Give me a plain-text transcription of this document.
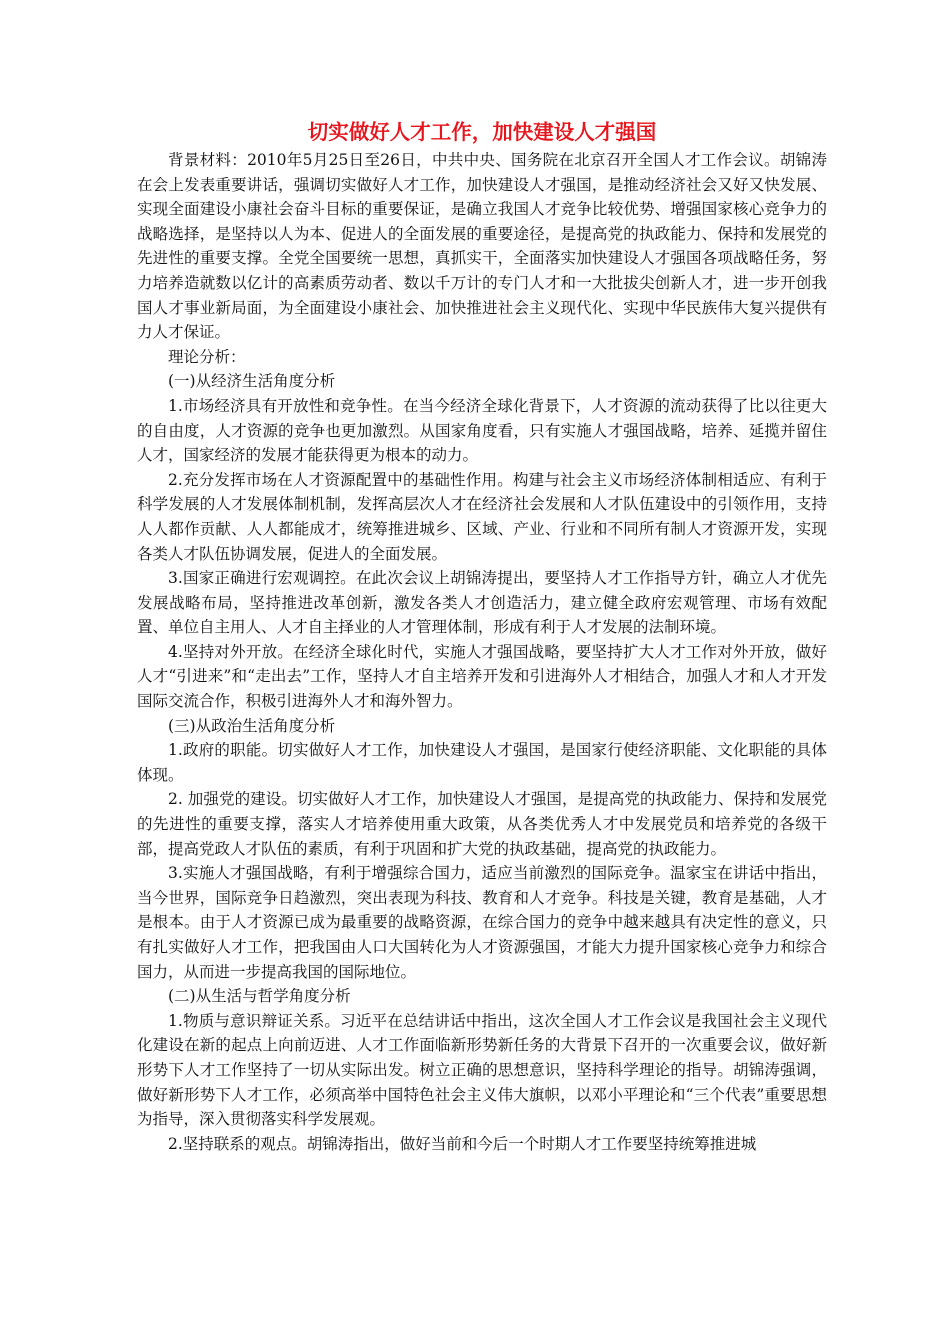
切实做好人才工作，加快建设人才强国

背景材料：2010年5月25日至26日，中共中央、国务院在北京召开全国人才工作会议。胡锦涛在会上发表重要讲话，强调切实做好人才工作，加快建设人才强国，是推动经济社会又好又快发展、实现全面建设小康社会奋斗目标的重要保证，是确立我国人才竞争比较优势、增强国家核心竞争力的战略选择，是坚持以人为本、促进人的全面发展的重要途径，是提高党的执政能力、保持和发展党的先进性的重要支撑。全党全国要统一思想，真抓实干，全面落实加快建设人才强国各项战略任务，努力培养造就数以亿计的高素质劳动者、数以千万计的专门人才和一大批拔尖创新人才，进一步开创我国人才事业新局面，为全面建设小康社会、加快推进社会主义现代化、实现中华民族伟大复兴提供有力人才保证。

理论分析：

(一)从经济生活角度分析

1.市场经济具有开放性和竞争性。在当今经济全球化背景下，人才资源的流动获得了比以往更大的自由度，人才资源的竞争也更加激烈。从国家角度看，只有实施人才强国战略，培养、延揽并留住人才，国家经济的发展才能获得更为根本的动力。

2.充分发挥市场在人才资源配置中的基础性作用。构建与社会主义市场经济体制相适应、有利于科学发展的人才发展体制机制，发挥高层次人才在经济社会发展和人才队伍建设中的引领作用，支持人人都作贡献、人人都能成才，统筹推进城乡、区域、产业、行业和不同所有制人才资源开发，实现各类人才队伍协调发展，促进人的全面发展。

3.国家正确进行宏观调控。在此次会议上胡锦涛提出，要坚持人才工作指导方针，确立人才优先发展战略布局，坚持推进改革创新，激发各类人才创造活力，建立健全政府宏观管理、市场有效配置、单位自主用人、人才自主择业的人才管理体制，形成有利于人才发展的法制环境。

4.坚持对外开放。在经济全球化时代，实施人才强国战略，要坚持扩大人才工作对外开放，做好人才“引进来”和“走出去”工作，坚持人才自主培养开发和引进海外人才相结合，加强人才和人才开发国际交流合作，积极引进海外人才和海外智力。

(三)从政治生活角度分析

1.政府的职能。切实做好人才工作，加快建设人才强国，是国家行使经济职能、文化职能的具体体现。

2. 加强党的建设。切实做好人才工作，加快建设人才强国，是提高党的执政能力、保持和发展党的先进性的重要支撑，落实人才培养使用重大政策，从各类优秀人才中发展党员和培养党的各级干部，提高党政人才队伍的素质，有利于巩固和扩大党的执政基础，提高党的执政能力。

3.实施人才强国战略，有利于增强综合国力，适应当前激烈的国际竞争。温家宝在讲话中指出，当今世界，国际竞争日趋激烈，突出表现为科技、教育和人才竞争。科技是关键，教育是基础，人才是根本。由于人才资源已成为最重要的战略资源，在综合国力的竞争中越来越具有决定性的意义，只有扎实做好人才工作，把我国由人口大国转化为人才资源强国，才能大力提升国家核心竞争力和综合国力，从而进一步提高我国的国际地位。

(二)从生活与哲学角度分析

1.物质与意识辩证关系。习近平在总结讲话中指出，这次全国人才工作会议是我国社会主义现代化建设在新的起点上向前迈进、人才工作面临新形势新任务的大背景下召开的一次重要会议，做好新形势下人才工作坚持了一切从实际出发。树立正确的思想意识，坚持科学理论的指导。胡锦涛强调，做好新形势下人才工作，必须高举中国特色社会主义伟大旗帜，以邓小平理论和“三个代表”重要思想为指导，深入贯彻落实科学发展观。

2.坚持联系的观点。胡锦涛指出，做好当前和今后一个时期人才工作要坚持统筹推进城
